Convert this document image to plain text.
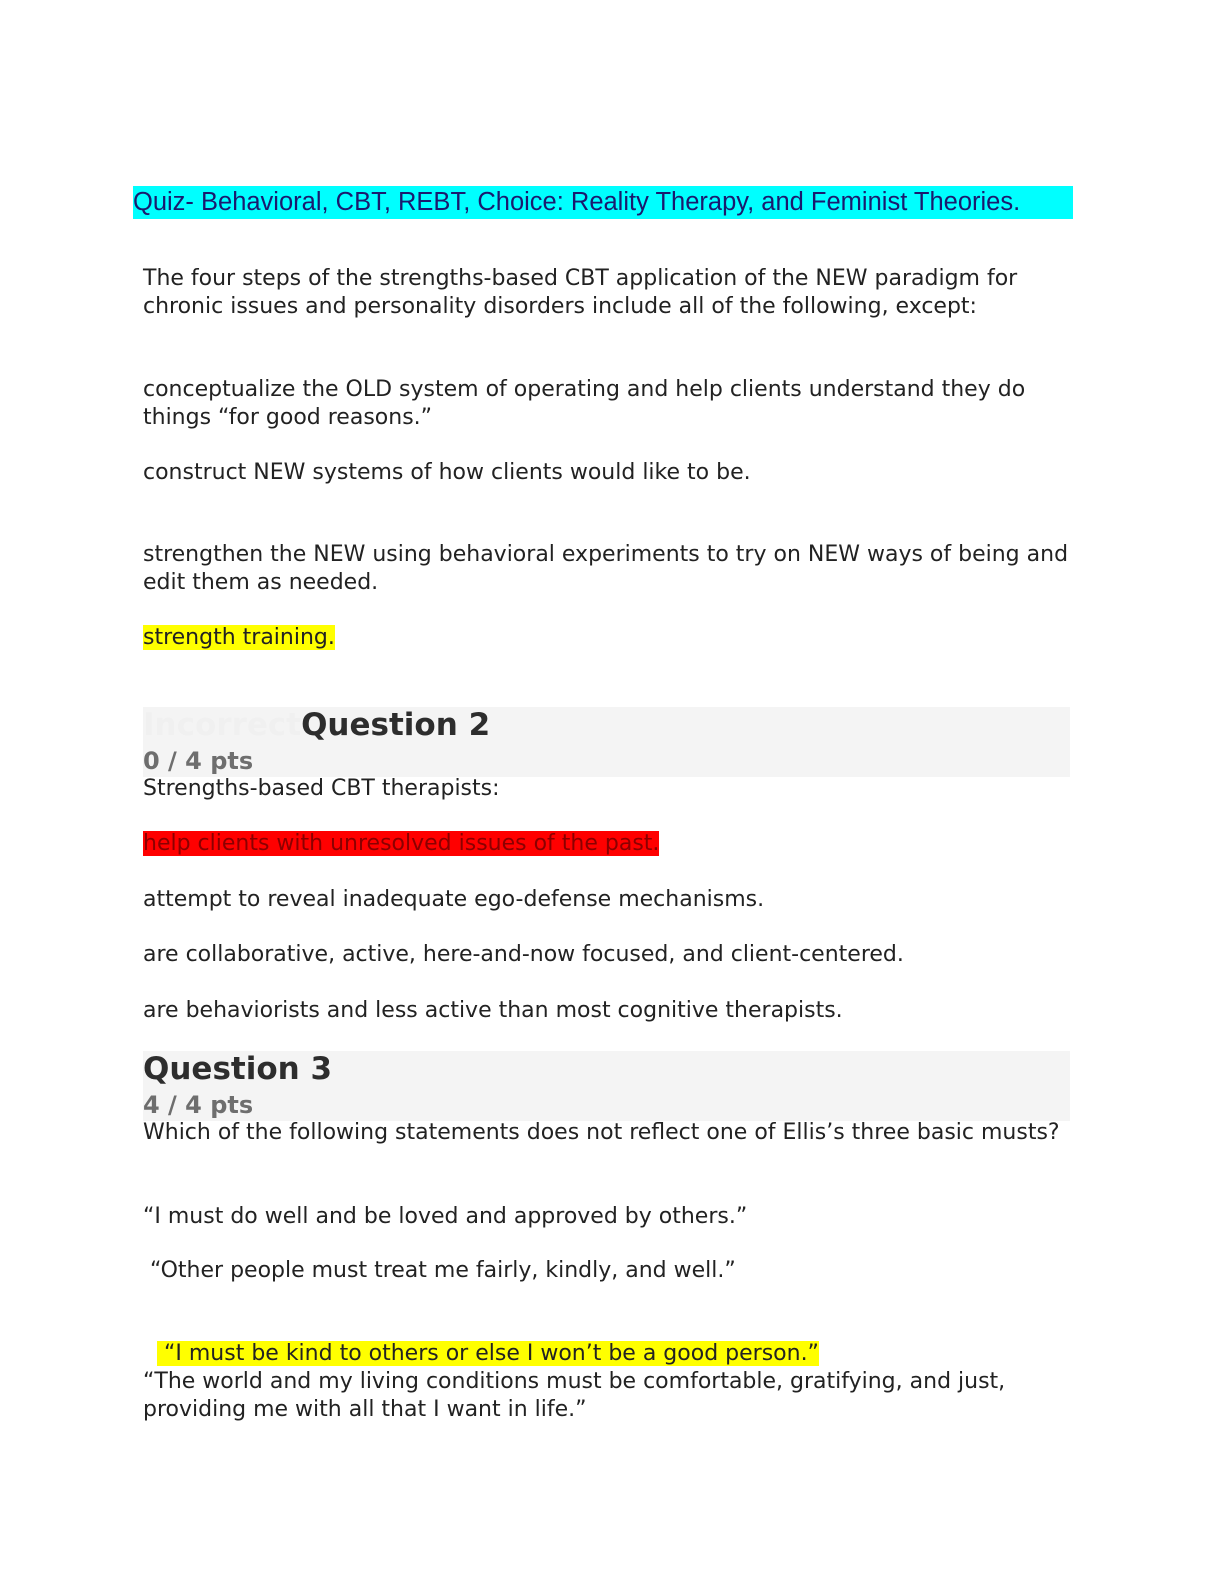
Quiz- Behavioral, CBT, REBT, Choice: Reality Therapy, and Feminist Theories.
The four steps of the strengths-based CBT application of the NEW paradigm for chronic issues and personality disorders include all of the following, except:
conceptualize the OLD system of operating and help clients understand they do things “for good reasons.”
construct NEW systems of how clients would like to be.
strengthen the NEW using behavioral experiments to try on NEW ways of being and edit them as needed.
strength training.
IncorrectQuestion 2
0 / 4 pts
Strengths-based CBT therapists:
help clients with unresolved issues of the past.
attempt to reveal inadequate ego-defense mechanisms.
are collaborative, active, here-and-now focused, and client-centered.
are behaviorists and less active than most cognitive therapists.
Question 3
4 / 4 pts
Which of the following statements does not reflect one of Ellis’s three basic musts?
“I must do well and be loved and approved by others.”
“Other people must treat me fairly, kindly, and well.”

“I must be kind to others or else I won’t be a good person.”

“The world and my living conditions must be comfortable, gratifying, and just, providing me with all that I want in life.”
